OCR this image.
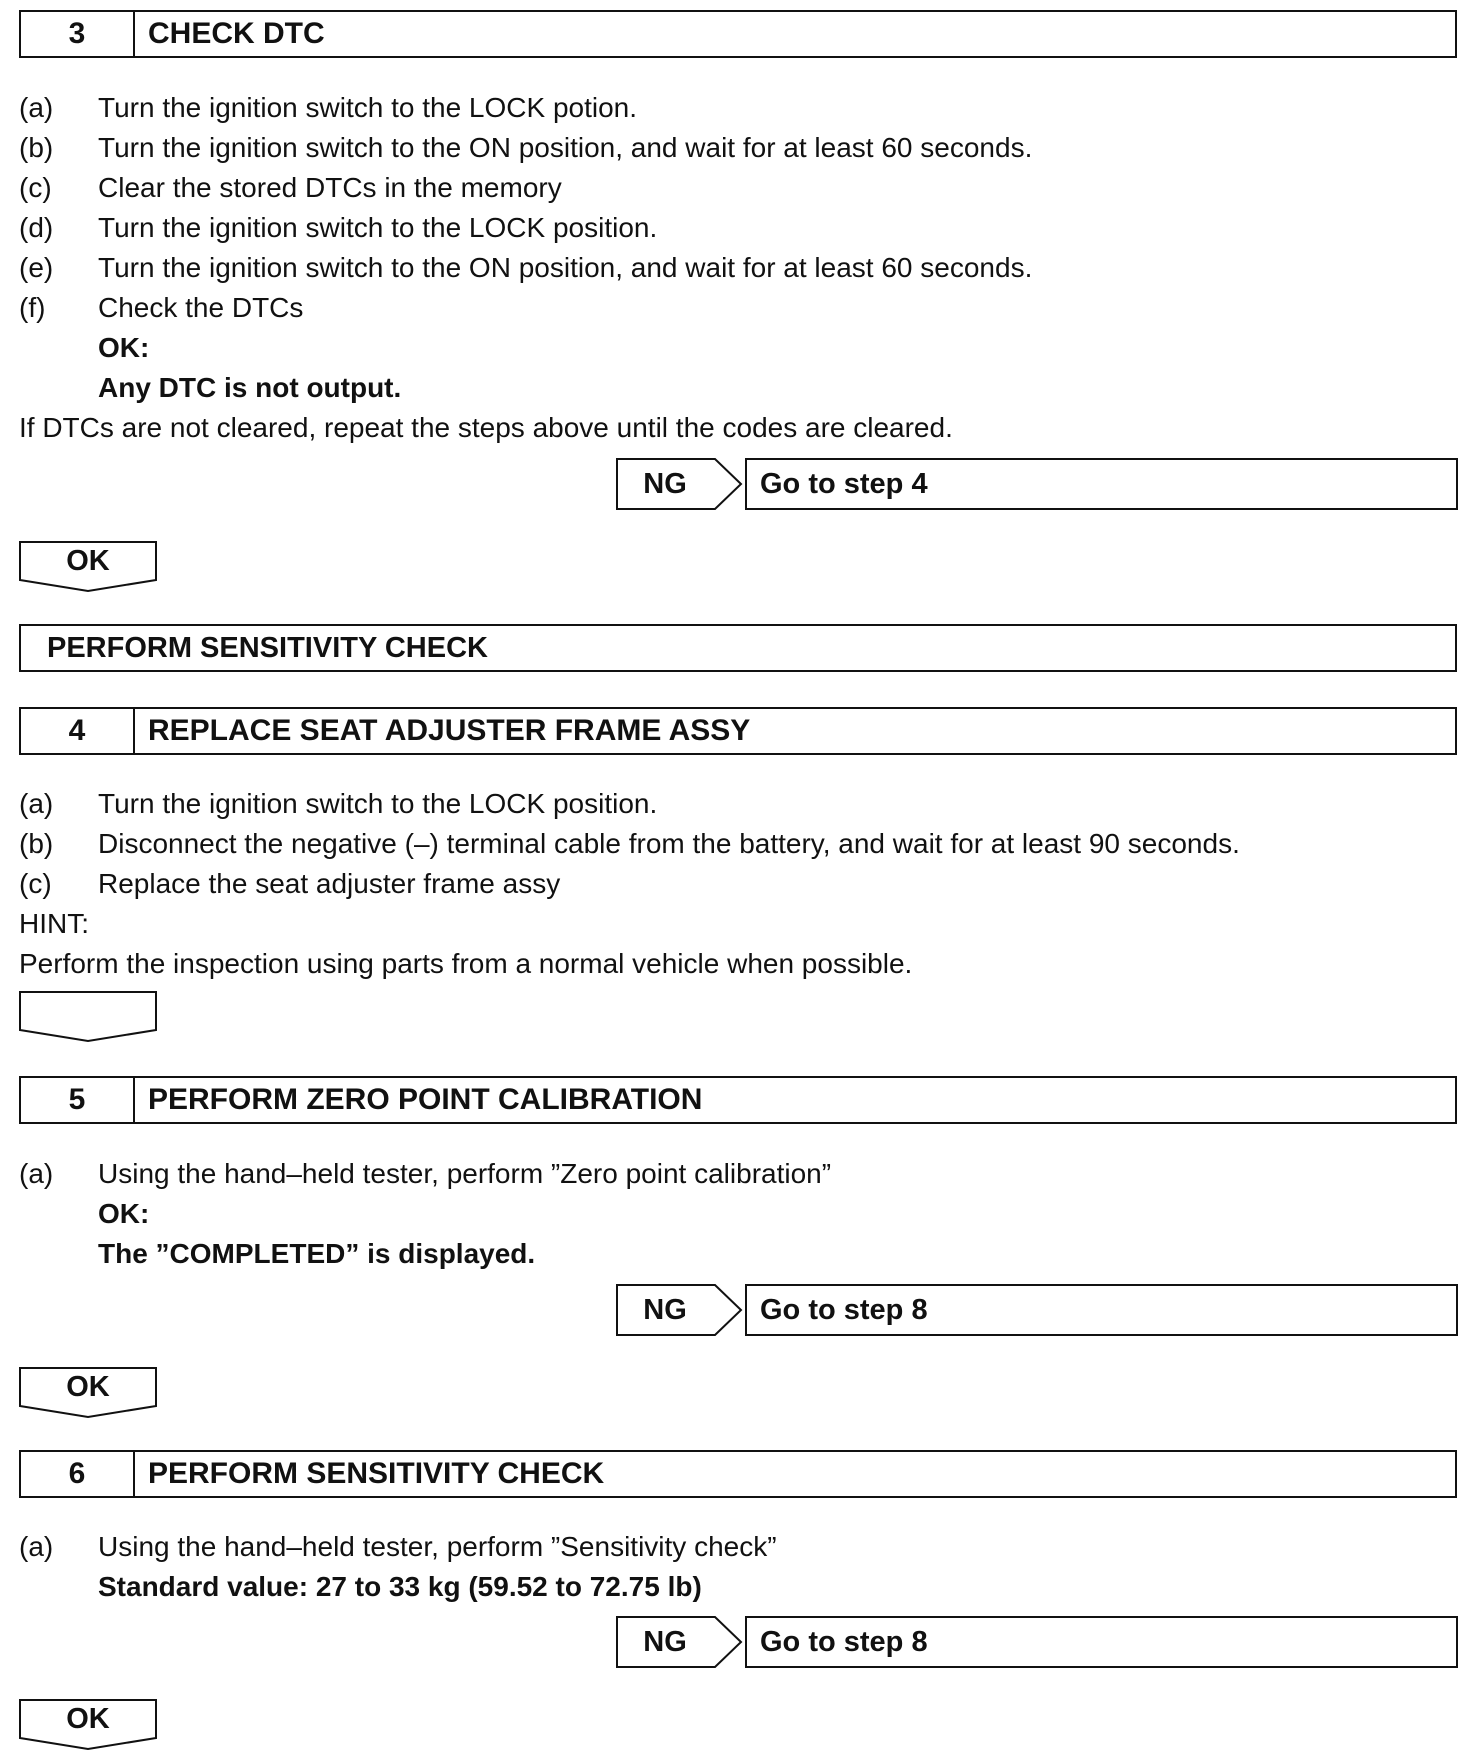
3	CHECK DTC
(a) Turn the ignition switch to the LOCK potion.
(b) Turn the ignition switch to the ON position, and wait for at least 60 seconds.
(c) Clear the stored DTCs in the memory
(d) Turn the ignition switch to the LOCK position.
(e) Turn the ignition switch to the ON position, and wait for at least 60 seconds.
(f) Check the DTCs
OK:
Any DTC is not output.
If DTCs are not cleared, repeat the steps above until the codes are cleared.
NG	Go to step 4
OK
PERFORM SENSITIVITY CHECK
4	REPLACE SEAT ADJUSTER FRAME ASSY
(a) Turn the ignition switch to the LOCK position.
(b) Disconnect the negative (–) terminal cable from the battery, and wait for at least 90 seconds.
(c) Replace the seat adjuster frame assy
HINT:
Perform the inspection using parts from a normal vehicle when possible.
5	PERFORM ZERO POINT CALIBRATION
(a) Using the hand–held tester, perform ”Zero point calibration”
OK:
The ”COMPLETED” is displayed.
NG	Go to step 8
OK
6	PERFORM SENSITIVITY CHECK
(a) Using the hand–held tester, perform ”Sensitivity check”
Standard value: 27 to 33 kg (59.52 to 72.75 lb)
NG	Go to step 8
OK
